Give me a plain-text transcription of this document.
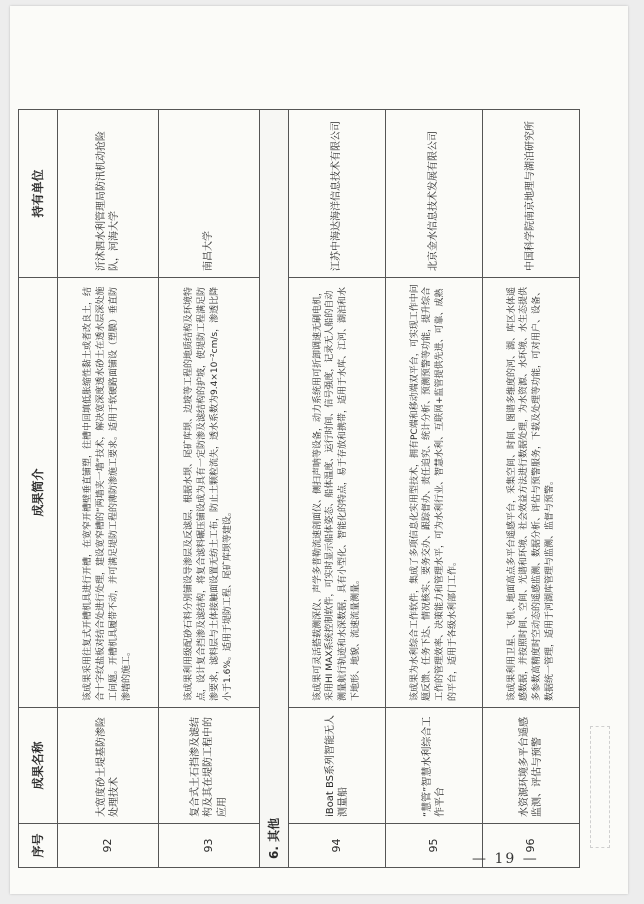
序号	成果名称	成果简介	持有单位
92	大宽度砂土堤基防渗险处理技术	该成果采用往复式开槽机具进行开槽，在宽窄开槽壁垂直铺塑，往槽中回填低胀缩性黏土或者改良土，结合十字纹盐板对结合处进行处理，建设宽窄槽的“两墙夹一墙”技术，解决宽深度透水砂土在透水层深处施工问题。开槽机具履带不动，并可满足堤防工程的薄防渗施工要求。适用于软硬路面铺设（塑膜）垂直防渗墙的施工。	沂沭泗水利管理局防汛机动抢险队，河海大学
93	复合式土石挡渗及滤结构及其在堤防工程中的应用	该成果利用级配砂石料分别铺设导渗层及反滤层，根据水坝、尾矿库坝、边坡等工程的地质结构及环境特点，设计复合挡渗及滤结构，将复合滤料碾压铺设成为具有一定防渗及滤结构的护坡，使堤防工程满足防渗要求，滤料层与土体接触面设置无纺土工布，防止土颗粒流失，透水系数为9.4×10⁻²cm/s，渗透比降小于1.6%。适用于堤防工程、尾矿库坝等建设。	南昌大学
6. 其他			
94	iBoat BS系列智能无人测量船	该成果可灵活搭载测深仪、声学多普勒流速剖面仪、侧扫声呐等设备，动力系统用可折卸调速无刷电机，采用HI MAX系统控制软件，可实时显示船体姿态、船体温度、运行时间、信号强度，记录无人船的自动测量航行轨迹和水深数据，具有小型化、智能化的特点，易于存放和携带，适用于水库、江河、湖泊和水下地形、地貌、流速流量测量。	江苏中海达海洋信息技术有限公司
95	“慧管”智慧水利综合工作平台	该成果为水利综合工作软件，集成了多项信息化实用型技术，拥有PC端和移动端双平台，可实现工作中问题反馈、任务下达、情况核实、要务交办、跟踪督办、责任追究、统计分析、预测预警等功能，提升综合工作的管理效率、决策能力和管理水平，可为水利行业、智慧水利、互联网+监管提供先进、可靠、成熟的平台，适用于各级水利部门工作。	北京金水信息技术发展有限公司
96	水资源环境多平台遥感监测、评估与预警	该成果利用卫星、飞机、地面高点多平台遥感平台，采集空间、时间、图谱多维度的河、湖、库区水体遥感数据，并按照时间、空间、光谱和环境、社会效益方法进行数据处理，为水资源、水环境、水生态提供多参数高精度时空动态的遥感监测、数据分析、评估与预警服务，下载及处理等功能，可对用户、设备、数据统一管理，适用于河湖库管理与监测、监督与预警。	中国科学院南京地理与湖泊研究所
— 19 —
